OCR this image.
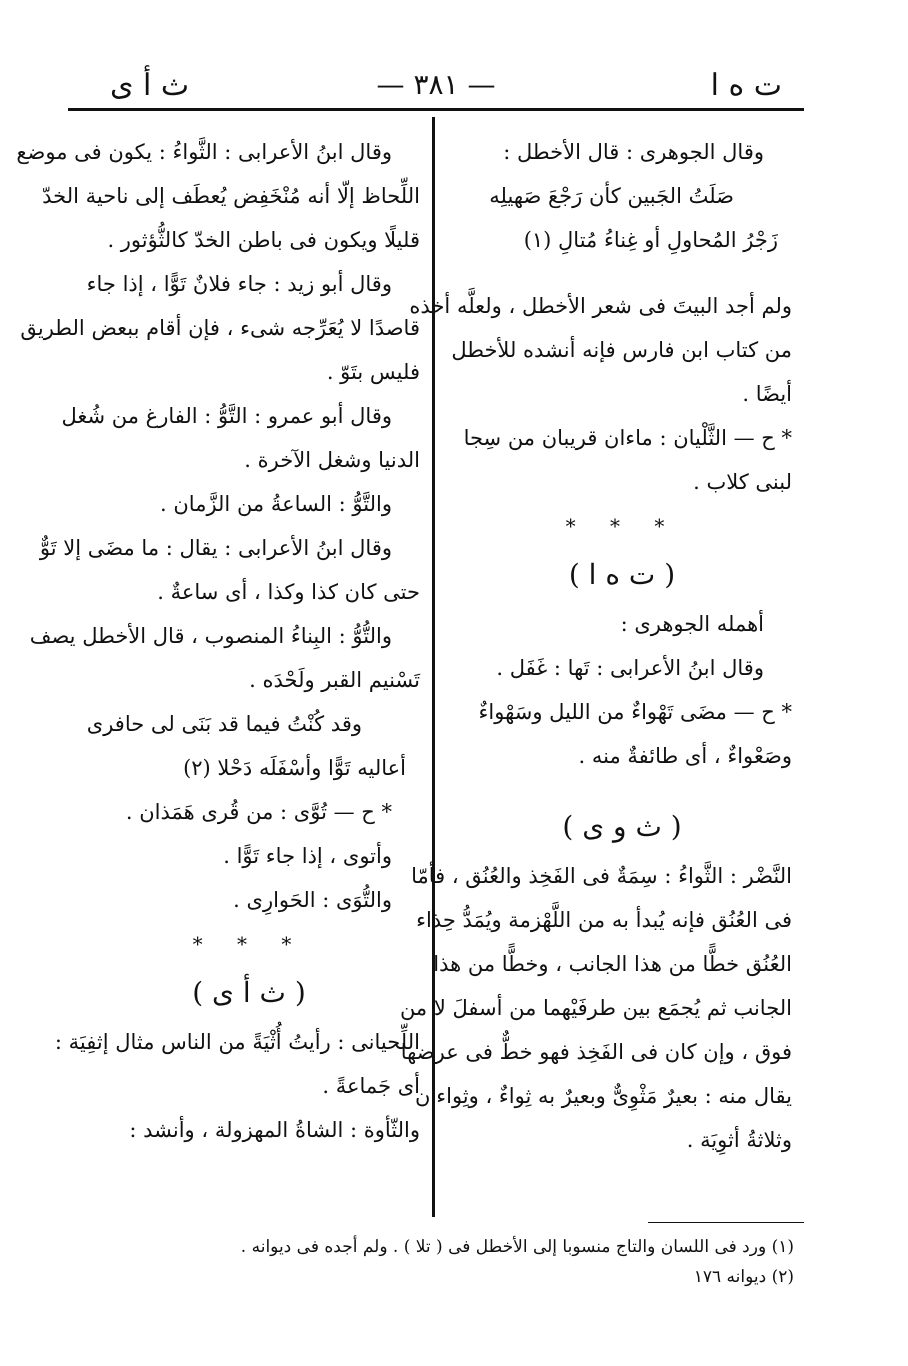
ت ه ا
— ٣٨١ —
ث أ ى
وقال الجوهرى : قال الأخطل :
صَلَتُ الجَبين كأن رَجْعَ صَهيلِه
زَجْرُ المُحاولِ أو غِناءُ مُتالِ (١)
ولم أجد البيتَ فى شعر الأخطل ، ولعلَّه أخذه
من كتاب ابن فارس فإنه أنشده للأخطل
أيضًا .
* ح — الثَّلْيان : ماءان قريبان من سِجا
لبنى كلاب .
* * *
( ت ه ا )
أهمله الجوهرى :
وقال ابنُ الأعرابى : تَها : غَفَل .
* ح — مضَى تَهْواءٌ من الليل وسَهْواءٌ
وصَعْواءٌ ، أى طائفةٌ منه .
( ث و ى )
النَّضْر : الثَّواءُ : سِمَةٌ فى الفَخِذ والعُنُق ، فأمّا
فى العُنُق فإنه يُبدأ به من اللَّهْزمة ويُمَدُّ حِذاء
العُنُق خطًّا من هذا الجانب ، وخطًّا من هذا
الجانب ثم يُجمَع بين طرفَيْهما من أسفلَ لا من
فوق ، وإن كان فى الفَخِذ فهو خطٌّ فى عرضها
يقال منه : بعيرٌ مَثْوِىٌّ وبعيرٌ به ثِواءٌ ، وثِواءان
وثلاثةُ أثوِيَة .
وقال ابنُ الأعرابى : الثَّواءُ : يكون فى موضع
اللِّحاظ إلّا أنه مُنْخَفِض يُعطَف إلى ناحية الخدّ
قليلًا ويكون فى باطن الخدّ كالثُّؤثور .
وقال أبو زيد : جاء فلانٌ تَوًّا ، إذا جاء
قاصدًا لا يُعَرِّجه شىء ، فإن أقام ببعض الطريق
فليس بتَوّ .
وقال أبو عمرو : التَّوُّ : الفارغ من شُغل
الدنيا وشغل الآخرة .
والتَّوُّ : الساعةُ من الزَّمان .
وقال ابنُ الأعرابى : يقال : ما مضَى إلا تَوٌّ
حتى كان كذا وكذا ، أى ساعةٌ .
والتُّوُّ : البِناءُ المنصوب ، قال الأخطل يصف
تَسْنيم القبر ولَحْدَه .
وقد كُنْتُ فيما قد بَنَى لى حافرى
أعاليه تَوًّا وأسْفَلَه دَحْلا (٢)
* ح — تُوَّى : من قُرى هَمَذان .
وأتوى ، إذا جاء تَوًّا .
والتُّوَى : الحَوارِى .
* * *
( ث أ ى )
اللِّحيانى : رأيتُ أُثْيَةً من الناس مثال إثفِيَة :
أى جَماعةً .
والثّأوة : الشاةُ المهزولة ، وأنشد :
(١) ورد فى اللسان والتاج منسوبا إلى الأخطل فى ( تلا ) . ولم أجده فى ديوانه .
(٢) ديوانه ١٧٦
